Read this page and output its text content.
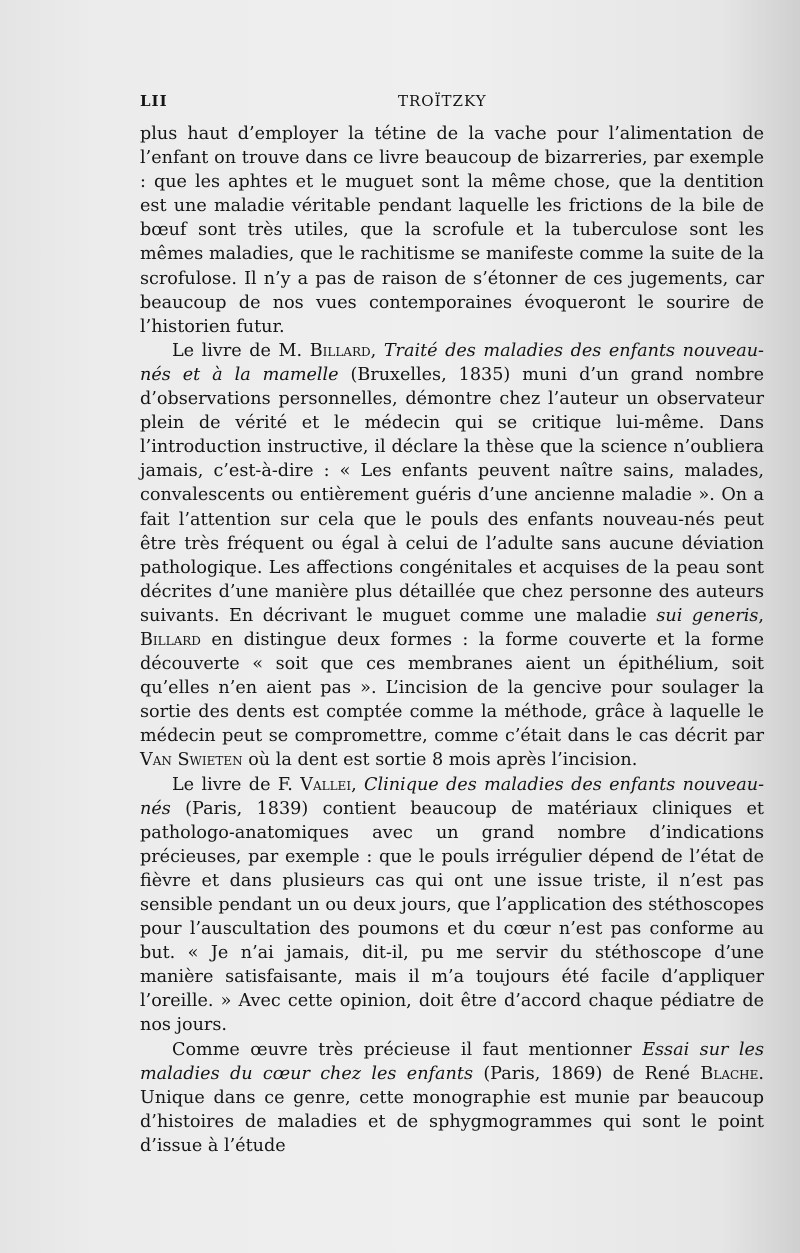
LII	TROÏTZKY

plus haut d’employer la tétine de la vache pour l’alimentation de l’enfant on trouve dans ce livre beaucoup de bizarreries, par exemple : que les aphtes et le muguet sont la même chose, que la dentition est une maladie véritable pendant laquelle les frictions de la bile de bœuf sont très utiles, que la scrofule et la tuberculose sont les mêmes maladies, que le rachitisme se manifeste comme la suite de la scrofulose. Il n’y a pas de raison de s’étonner de ces jugements, car beaucoup de nos vues contemporaines évoqueront le sourire de l’historien futur.

Le livre de M. Billard, Traité des maladies des enfants nouveau-nés et à la mamelle (Bruxelles, 1835) muni d’un grand nombre d’observations personnelles, démontre chez l’auteur un observateur plein de vérité et le médecin qui se critique lui-même. Dans l’introduction instructive, il déclare la thèse que la science n’oubliera jamais, c’est-à-dire : « Les enfants peuvent naître sains, malades, convalescents ou entièrement guéris d’une ancienne maladie ». On a fait l’attention sur cela que le pouls des enfants nouveau-nés peut être très fréquent ou égal à celui de l’adulte sans aucune déviation pathologique. Les affections congénitales et acquises de la peau sont décrites d’une manière plus détaillée que chez personne des auteurs suivants. En décrivant le muguet comme une maladie sui generis, Billard en distingue deux formes : la forme couverte et la forme découverte « soit que ces membranes aient un épithélium, soit qu’elles n’en aient pas ». L’incision de la gencive pour soulager la sortie des dents est comptée comme la méthode, grâce à laquelle le médecin peut se compromettre, comme c’était dans le cas décrit par Van Swieten où la dent est sortie 8 mois après l’incision.

Le livre de F. Vallei, Clinique des maladies des enfants nouveau-nés (Paris, 1839) contient beaucoup de matériaux cliniques et pathologo-anatomiques avec un grand nombre d’indications précieuses, par exemple : que le pouls irrégulier dépend de l’état de fièvre et dans plusieurs cas qui ont une issue triste, il n’est pas sensible pendant un ou deux jours, que l’application des stéthoscopes pour l’auscultation des poumons et du cœur n’est pas conforme au but. « Je n’ai jamais, dit-il, pu me servir du stéthoscope d’une manière satisfaisante, mais il m’a toujours été facile d’appliquer l’oreille. » Avec cette opinion, doit être d’accord chaque pédiatre de nos jours.

Comme œuvre très précieuse il faut mentionner Essai sur les maladies du cœur chez les enfants (Paris, 1869) de René Blache. Unique dans ce genre, cette monographie est munie par beaucoup d’histoires de maladies et de sphygmogrammes qui sont le point d’issue à l’étude
